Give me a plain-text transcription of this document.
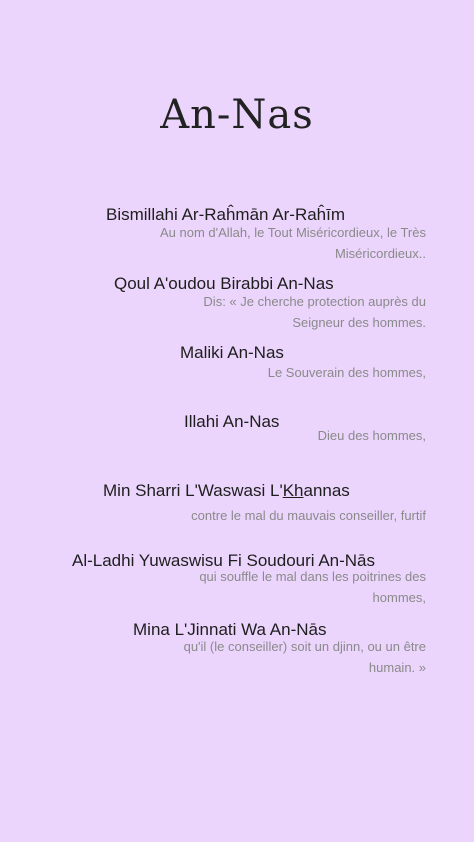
An-Nas
Bismillahi Ar-Raĥmān Ar-Raĥīm
Au nom d'Allah, le Tout Miséricordieux, le Très Miséricordieux..
Qoul A'oudou Birabbi An-Nas
Dis: « Je cherche protection auprès du Seigneur des hommes.
Maliki An-Nas
Le Souverain des hommes,
Illahi An-Nas
Dieu des hommes,
Min Sharri L'Waswasi L'Khannas
contre le mal du mauvais conseiller, furtif
Al-Ladhi Yuwaswisu Fi Soudouri An-Nās
qui souffle le mal dans les poitrines des hommes,
Mina L'Jinnati Wa An-Nās
qu'il (le conseiller) soit un djinn, ou un être humain. »
